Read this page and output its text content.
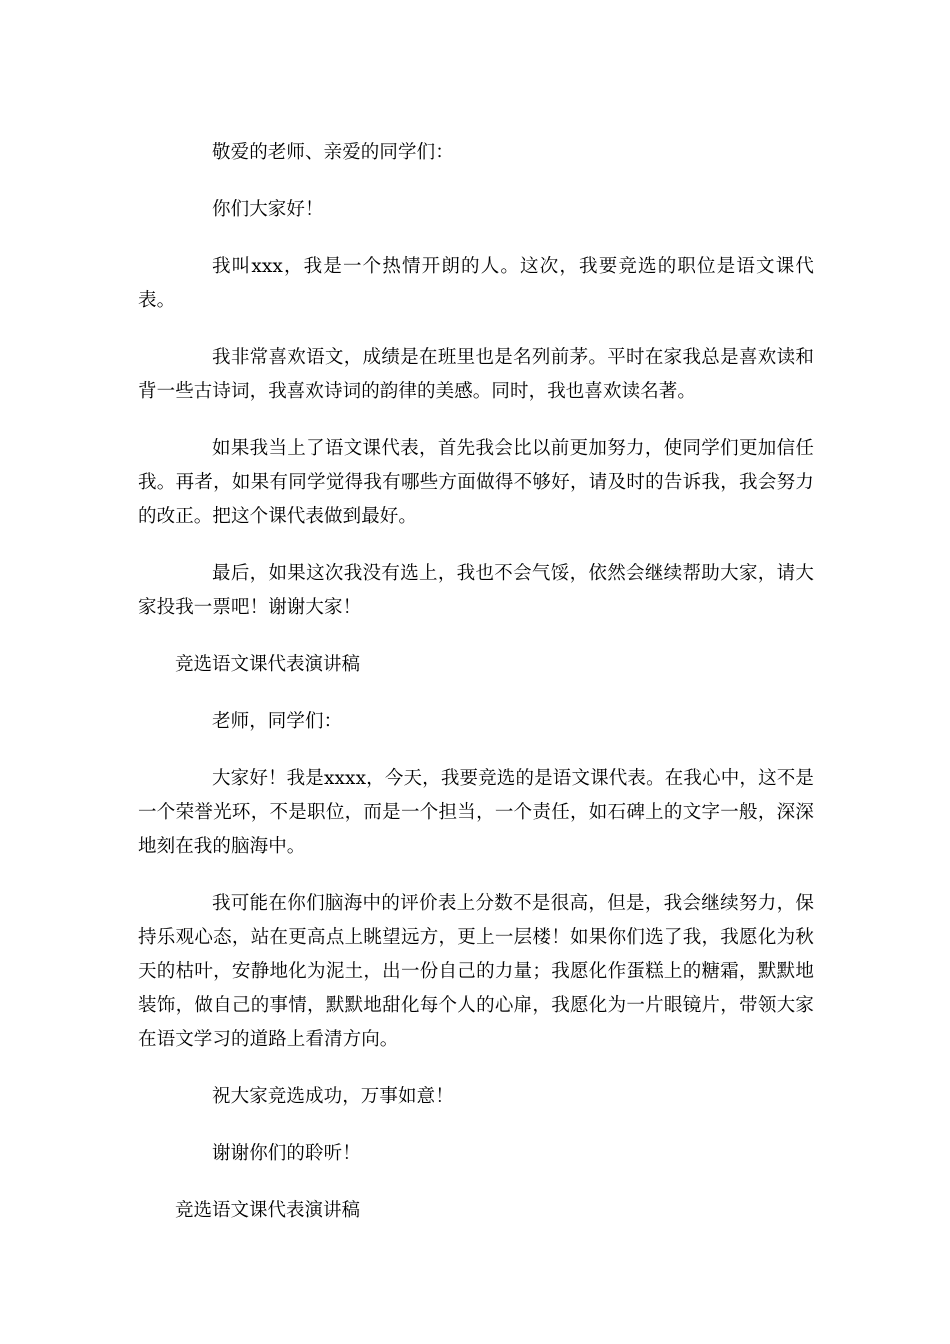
敬爱的老师、亲爱的同学们：

你们大家好！

我叫xxx，我是一个热情开朗的人。这次，我要竞选的职位是语文课代表。

我非常喜欢语文，成绩是在班里也是名列前茅。平时在家我总是喜欢读和背一些古诗词，我喜欢诗词的韵律的美感。同时，我也喜欢读名著。

如果我当上了语文课代表，首先我会比以前更加努力，使同学们更加信任我。再者，如果有同学觉得我有哪些方面做得不够好，请及时的告诉我，我会努力的改正。把这个课代表做到最好。

最后，如果这次我没有选上，我也不会气馁，依然会继续帮助大家，请大家投我一票吧！谢谢大家！

竞选语文课代表演讲稿

老师，同学们：

大家好！我是xxxx，今天，我要竞选的是语文课代表。在我心中，这不是一个荣誉光环，不是职位，而是一个担当，一个责任，如石碑上的文字一般，深深地刻在我的脑海中。

我可能在你们脑海中的评价表上分数不是很高，但是，我会继续努力，保持乐观心态，站在更高点上眺望远方，更上一层楼！如果你们选了我，我愿化为秋天的枯叶，安静地化为泥土，出一份自己的力量；我愿化作蛋糕上的糖霜，默默地装饰，做自己的事情，默默地甜化每个人的心扉，我愿化为一片眼镜片，带领大家在语文学习的道路上看清方向。

祝大家竞选成功，万事如意！

谢谢你们的聆听！

竞选语文课代表演讲稿
